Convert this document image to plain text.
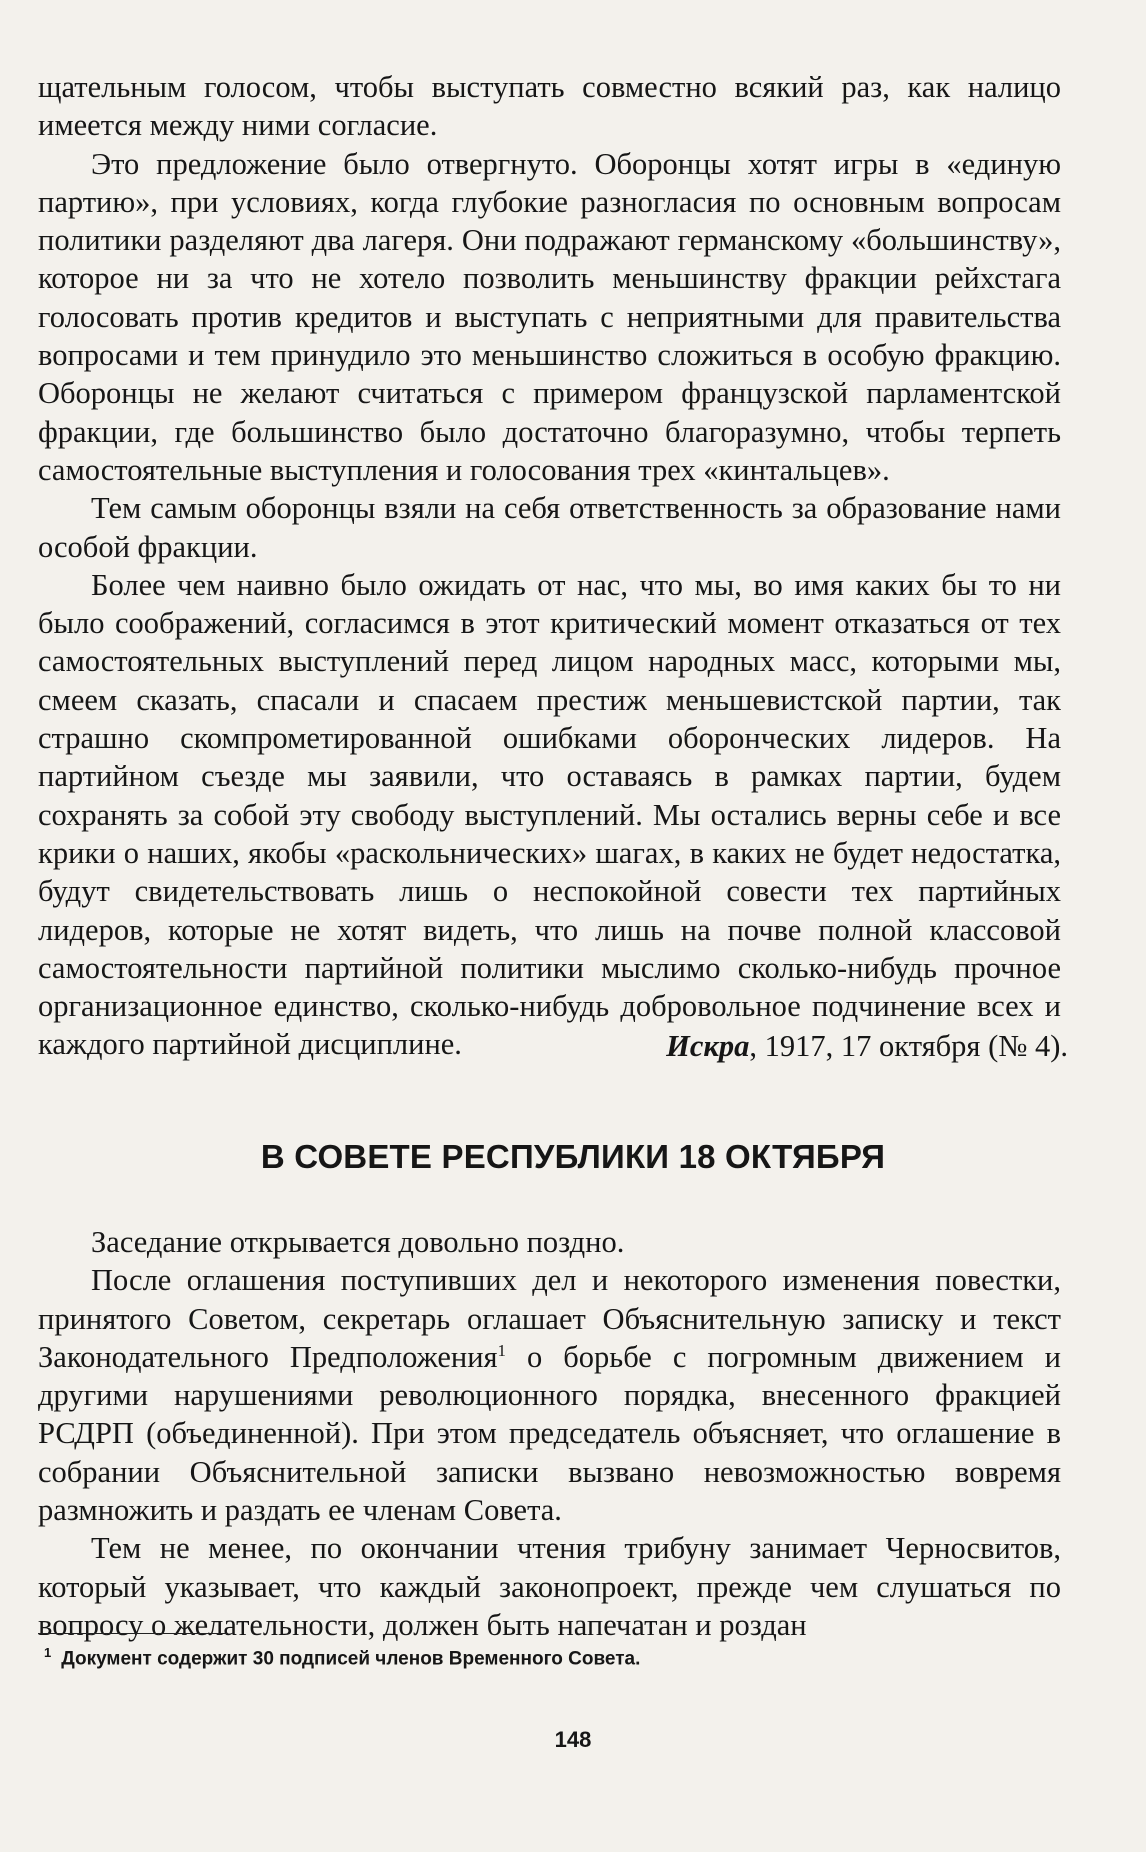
щательным голосом, чтобы выступать совместно всякий раз, как налицо имеется между ними согласие.

Это предложение было отвергнуто. Оборонцы хотят игры в «единую партию», при условиях, когда глубокие разногласия по основным вопросам политики разделяют два лагеря. Они подражают германскому «большинству», которое ни за что не хотело позволить меньшинству фракции рейхстага голосовать против кредитов и выступать с неприятными для правительства вопросами и тем принудило это меньшинство сложиться в особую фракцию. Оборонцы не желают считаться с примером французской парламентской фракции, где большинство было достаточно благоразумно, чтобы терпеть самостоятельные выступления и голосования трех «кинтальцев».

Тем самым оборонцы взяли на себя ответственность за образование нами особой фракции.

Более чем наивно было ожидать от нас, что мы, во имя каких бы то ни было соображений, согласимся в этот критический момент отказаться от тех самостоятельных выступлений перед лицом народных масс, которыми мы, смеем сказать, спасали и спасаем престиж меньшевистской партии, так страшно скомпрометированной ошибками оборонческих лидеров. На партийном съезде мы заявили, что оставаясь в рамках партии, будем сохранять за собой эту свободу выступлений. Мы остались верны себе и все крики о наших, якобы «раскольнических» шагах, в каких не будет недостатка, будут свидетельствовать лишь о неспокойной совести тех партийных лидеров, которые не хотят видеть, что лишь на почве полной классовой самостоятельности партийной политики мыслимо сколько-нибудь прочное организационное единство, сколько-нибудь добровольное подчинение всех и каждого партийной дисциплине.	Искра, 1917, 17 октября (№ 4).
В СОВЕТЕ РЕСПУБЛИКИ 18 ОКТЯБРЯ

Заседание открывается довольно поздно.

После оглашения поступивших дел и некоторого изменения повестки, принятого Советом, секретарь оглашает Объяснительную записку и текст Законодательного Предположения$^1$ о борьбе с погромным движением и другими нарушениями революционного порядка, внесенного фракцией РСДРП (объединенной). При этом председатель объясняет, что оглашение в собрании Объяснительной записки вызвано невозможностью вовремя размножить и раздать ее членам Совета.

Тем не менее, по окончании чтения трибуну занимает Черносвитов, который указывает, что каждый законопроект, прежде чем слушаться по вопросу о желательности, должен быть напечатан и роздан

$^1$ Документ содержит 30 подписей членов Временного Совета.
148
